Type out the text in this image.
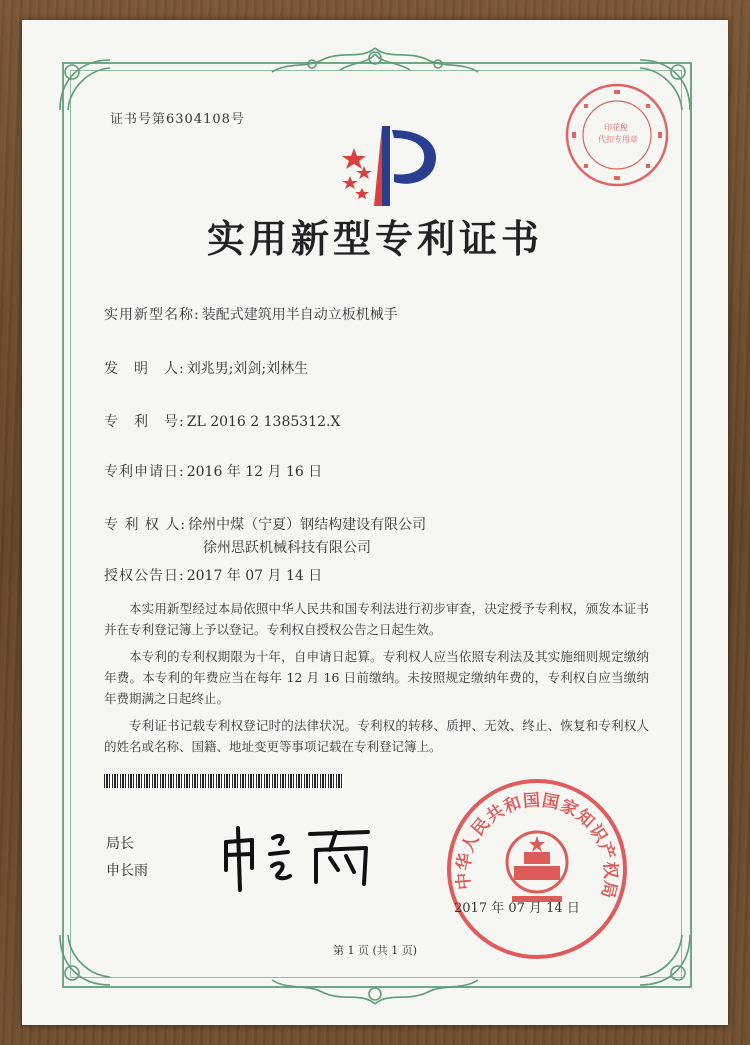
证书号第6304108号
实用新型专利证书
实用新型名称: 装配式建筑用半自动立板机械手
发　明　人: 刘兆男;刘剑;刘林生
专　利　号: ZL 2016 2 1385312.X
专利申请日: 2016 年 12 月 16 日
专 利 权 人: 徐州中煤（宁夏）钢结构建设有限公司
徐州思跃机械科技有限公司
授权公告日: 2017 年 07 月 14 日

本实用新型经过本局依照中华人民共和国专利法进行初步审查，决定授予专利权，颁发本证书并在专利登记簿上予以登记。专利权自授权公告之日起生效。

本专利的专利权期限为十年，自申请日起算。专利权人应当依照专利法及其实施细则规定缴纳年费。本专利的年费应当在每年 12 月 16 日前缴纳。未按照规定缴纳年费的，专利权自应当缴纳年费期满之日起终止。

专利证书记载专利权登记时的法律状况。专利权的转移、质押、无效、终止、恢复和专利权人的姓名或名称、国籍、地址变更等事项记载在专利登记簿上。

局长
申长雨	中华人民共和国国家知识产权局
印花税
代扣专用章
2017 年 07 月 14 日
第 1 页 (共 1 页)
